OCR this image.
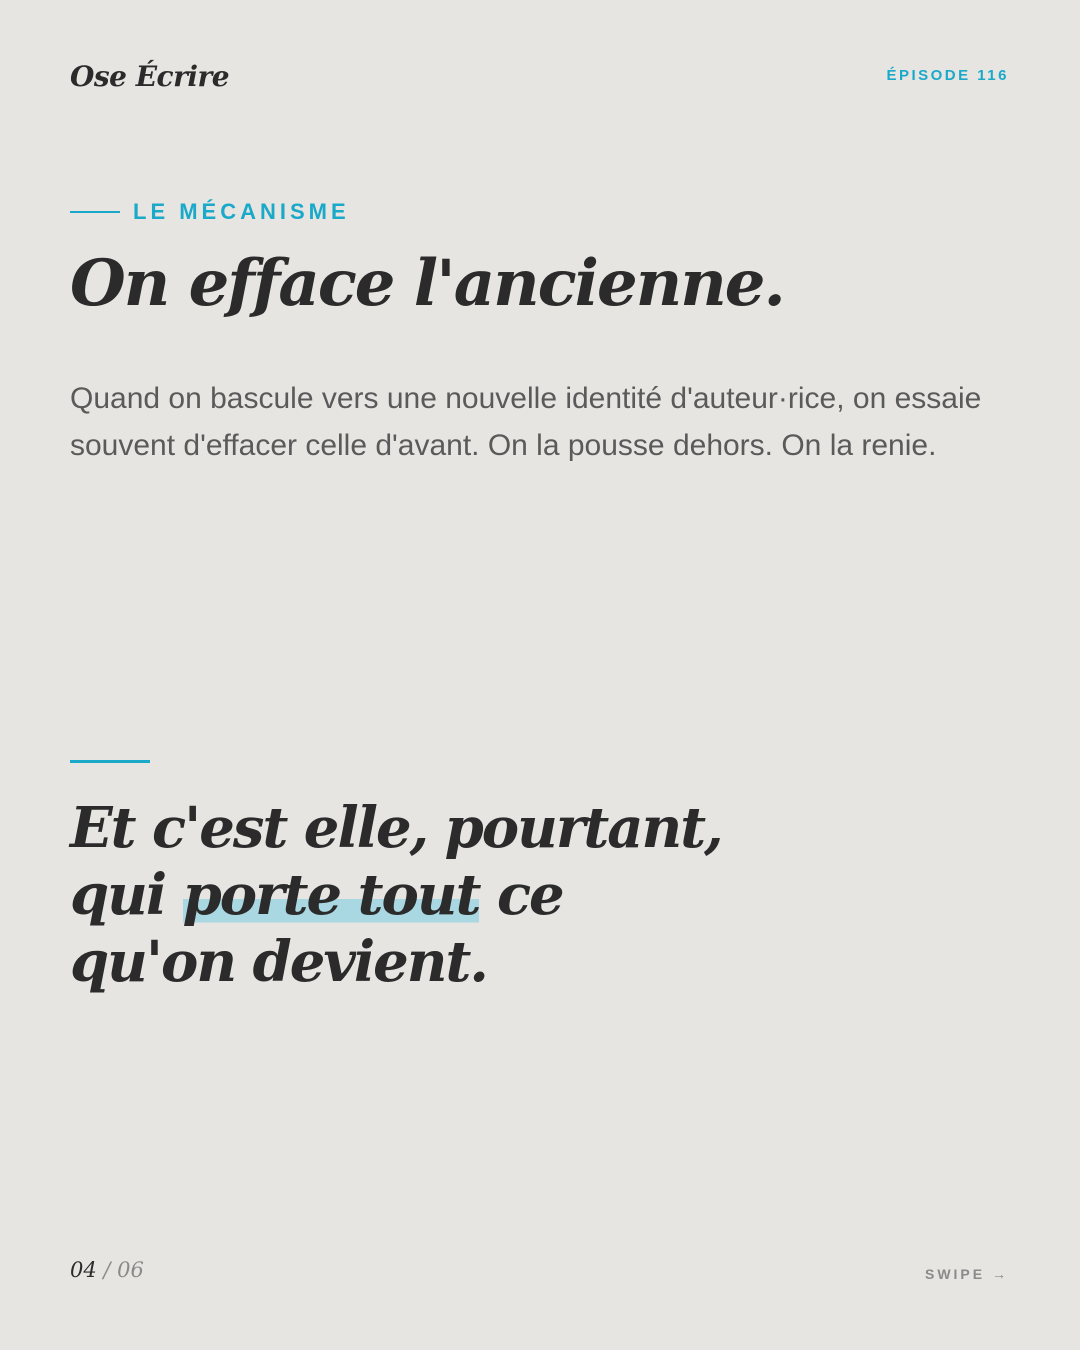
Ose Écrire	ÉPISODE 116
LE MÉCANISME
On efface l'ancienne.

Quand on bascule vers une nouvelle identité d'auteur·rice, on essaie souvent d'effacer celle d'avant. On la pousse dehors. On la renie.

Et c'est elle, pourtant,
qui porte tout ce
qu'on devient.
04 / 06	SWIPE →
